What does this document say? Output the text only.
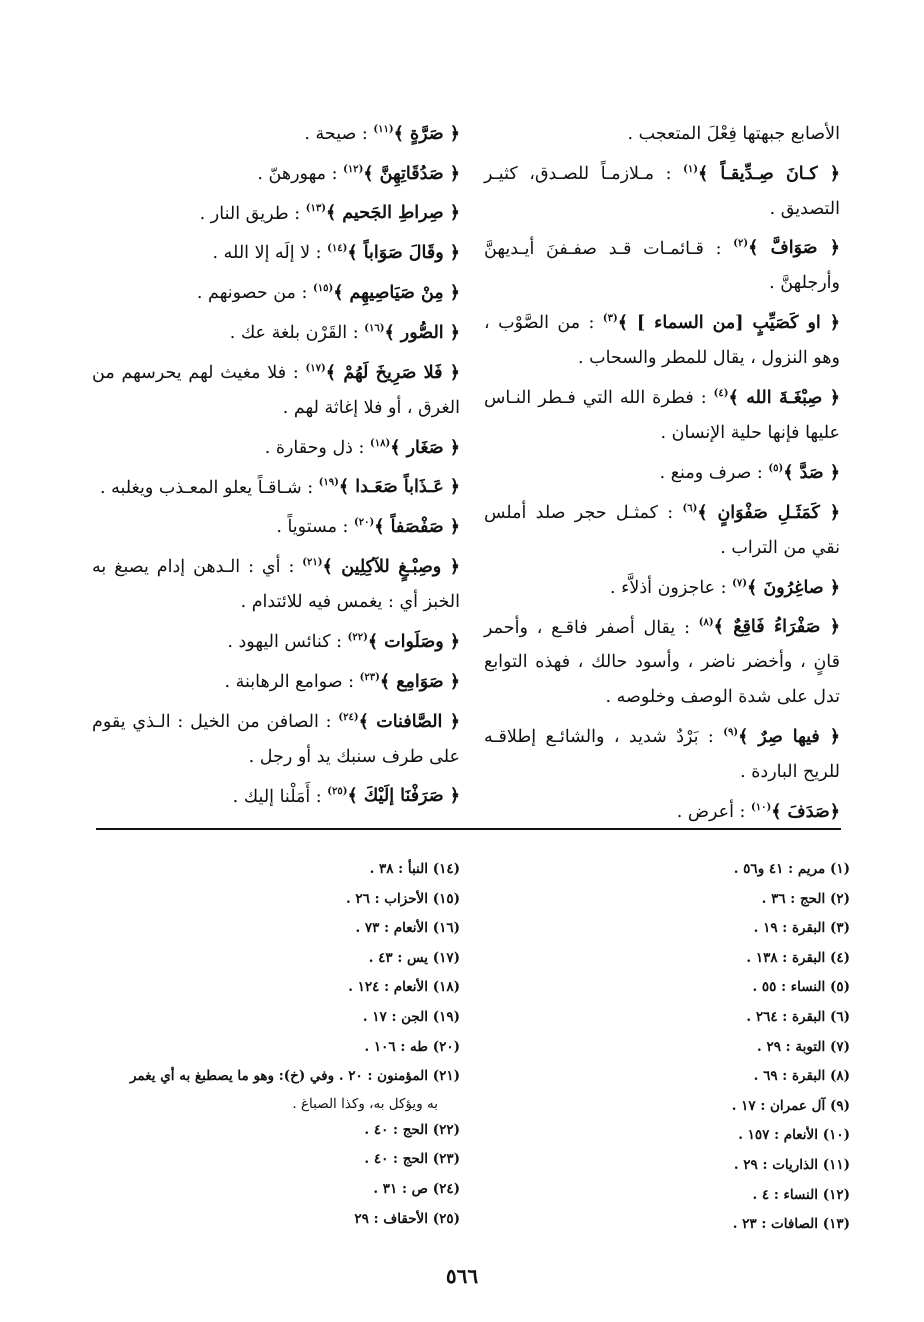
الأصابع جبهتها فِعْلَ المتعجب .

﴿ كـانَ صِـدِّيقـاً ﴾$^{(١)}$ : مـلازمـاً للصـدق، كثيـر التصديق .

﴿ صَوَافَّ ﴾$^{(٢)}$ : قـائمـات قـد صفـفنَ أيـديهنَّ وأرجلهنَّ .

﴿ او كَصَيِّبٍ [من السماء ] ﴾$^{(٣)}$ : من الصَّوْب ، وهو النزول ، يقال للمطر والسحاب .

﴿ صِبْغَـةَ الله ﴾$^{(٤)}$ : فطرة الله التي فـطر النـاس عليها فإنها حلية الإنسان .

﴿ صَدَّ ﴾$^{(٥)}$ : صرف ومنع .

﴿ كَمَثَـلِ صَفْوَانٍ ﴾$^{(٦)}$ : كمثـل حجر صلد أملس نقي من التراب .

﴿ صاغِرُونَ ﴾$^{(٧)}$ : عاجزون أذلاَّء .

﴿ صَفْرَاءُ فَاقِعٌ ﴾$^{(٨)}$ : يقال أصفر فاقـع ، وأحمر قانٍ ، وأخضر ناضر ، وأسود حالك ، فهذه التوابع تدل على شدة الوصف وخلوصه .

﴿ فيها صِرٌ ﴾$^{(٩)}$ : بَرْدٌ شديد ، والشائـع إطلاقـه للريح الباردة .

﴿صَدَفَ ﴾$^{(١٠)}$ : أعرض .

﴿ صَرَّةٍ ﴾$^{(١١)}$ : صيحة .

﴿ صَدُقَاتِهِنَّ ﴾$^{(١٢)}$ : مهورهنّ .

﴿ صِراطِ الجَحيم ﴾$^{(١٣)}$ : طريق النار .

﴿ وقَالَ صَوَاباً ﴾$^{(١٤)}$ : لا إلَه إلا الله .

﴿ مِنْ صَيَاصِيهِم ﴾$^{(١٥)}$ : من حصونهم .

﴿ الصُّور ﴾$^{(١٦)}$ : القَرْن بلغة عك .

﴿ فَلا صَرِيخَ لَهُمْ ﴾$^{(١٧)}$ : فلا مغيث لهم يحرسهم من الغرق ، أو فلا إغاثة لهم .

﴿ صَغَار ﴾$^{(١٨)}$ : ذل وحقارة .

﴿ عَـذَاباً صَعَـدا ﴾$^{(١٩)}$ : شـاقـاً يعلو المعـذب ويغلبه .

﴿ صَفْصَفاً ﴾$^{(٢٠)}$ : مستوياً .

﴿ وصِبْـغٍ للآكِلِين ﴾$^{(٢١)}$ : أي : الـدهن إدام يصبغ به الخبز أي : يغمس فيه للائتدام .

﴿ وصَلَوات ﴾$^{(٢٢)}$ : كنائس اليهود .

﴿ صَوَامِع ﴾$^{(٢٣)}$ : صوامع الرهابنة .

﴿ الصَّافنات ﴾$^{(٢٤)}$ : الصافن من الخيل : الـذي يقوم على طرف سنبك يد أو رجل .

﴿ صَرَفْنَا إلَيْكَ ﴾$^{(٢٥)}$ : أَمَلْنا إليك .

(١) مريم : ٤١ و٥٦ .

(٢) الحج : ٣٦ .

(٣) البقرة : ١٩ .

(٤) البقرة : ١٣٨ .

(٥) النساء : ٥٥ .

(٦) البقرة : ٢٦٤ .

(٧) التوبة : ٢٩ .

(٨) البقرة : ٦٩ .

(٩) آل عمران : ١٧ .

(١٠) الأنعام : ١٥٧ .

(١١) الذاريات : ٢٩ .

(١٢) النساء : ٤ .

(١٣) الصافات : ٢٣ .

(١٤) النبأ : ٣٨ .

(١٥) الأحزاب : ٢٦ .

(١٦) الأنعام : ٧٣ .

(١٧) يس : ٤٣ .

(١٨) الأنعام : ١٢٤ .

(١٩) الجن : ١٧ .

(٢٠) طه : ١٠٦ .

(٢١) المؤمنون : ٢٠ . وفي (خ): وهو ما يصطبغ به أي يغمر

به ويؤكل به، وكذا الصباغ .

(٢٢) الحج : ٤٠ .

(٢٣) الحج : ٤٠ .

(٢٤) ص : ٣١ .

(٢٥) الأحقاف : ٢٩

٥٦٦
